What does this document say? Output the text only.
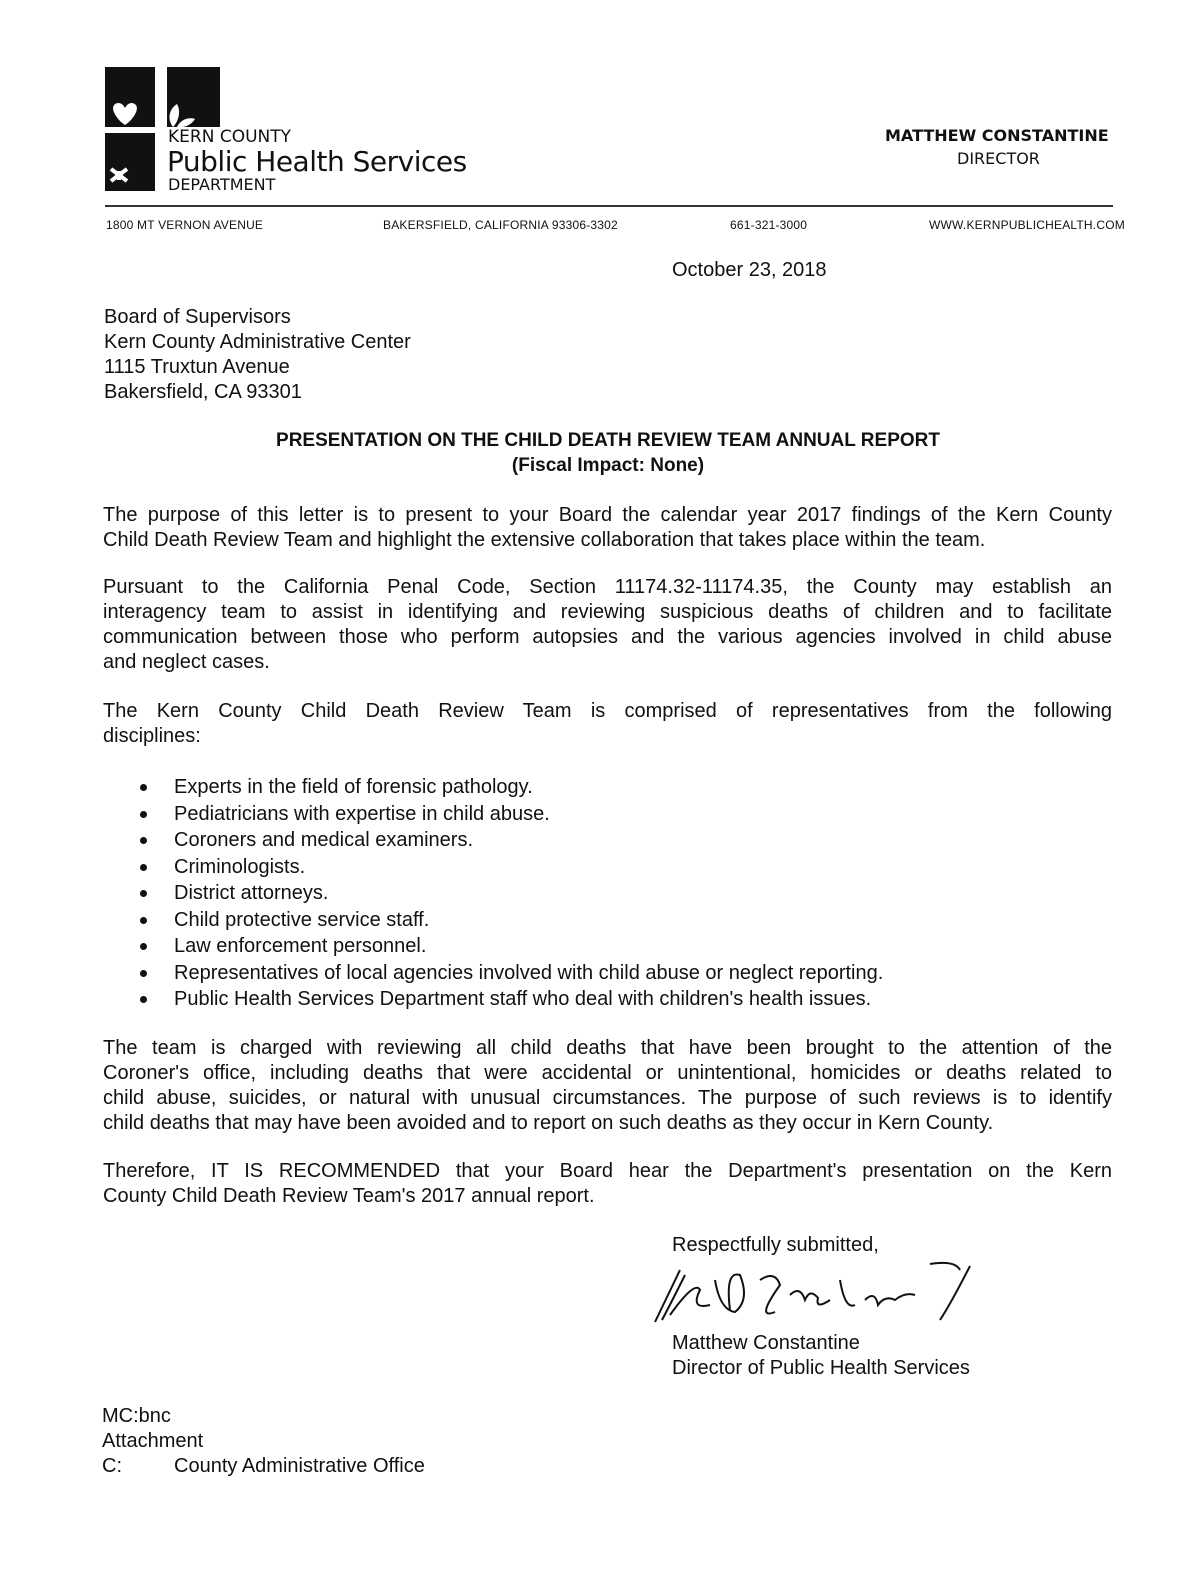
KERN COUNTY
Public Health Services
DEPARTMENT
MATTHEW CONSTANTINE
DIRECTOR
1800 MT VERNON AVENUE	BAKERSFIELD, CALIFORNIA 93306-3302	661-321-3000	WWW.KERNPUBLICHEALTH.COM
October 23, 2018
Board of Supervisors
Kern County Administrative Center
1115 Truxtun Avenue
Bakersfield, CA 93301
PRESENTATION ON THE CHILD DEATH REVIEW TEAM ANNUAL REPORT
(Fiscal Impact: None)
The purpose of this letter is to present to your Board the calendar year 2017 findings of the Kern County
Child Death Review Team and highlight the extensive collaboration that takes place within the team.
Pursuant to the California Penal Code, Section 11174.32-11174.35, the County may establish an
interagency team to assist in identifying and reviewing suspicious deaths of children and to facilitate
communication between those who perform autopsies and the various agencies involved in child abuse
and neglect cases.
The Kern County Child Death Review Team is comprised of representatives from the following
disciplines:
Experts in the field of forensic pathology.
Pediatricians with expertise in child abuse.
Coroners and medical examiners.
Criminologists.
District attorneys.
Child protective service staff.
Law enforcement personnel.
Representatives of local agencies involved with child abuse or neglect reporting.
Public Health Services Department staff who deal with children's health issues.
The team is charged with reviewing all child deaths that have been brought to the attention of the
Coroner's office, including deaths that were accidental or unintentional, homicides or deaths related to
child abuse, suicides, or natural with unusual circumstances. The purpose of such reviews is to identify
child deaths that may have been avoided and to report on such deaths as they occur in Kern County.
Therefore, IT IS RECOMMENDED that your Board hear the Department's presentation on the Kern
County Child Death Review Team's 2017 annual report.
Respectfully submitted,
Matthew Constantine
Director of Public Health Services
MC:bnc
Attachment
C:	County Administrative Office
